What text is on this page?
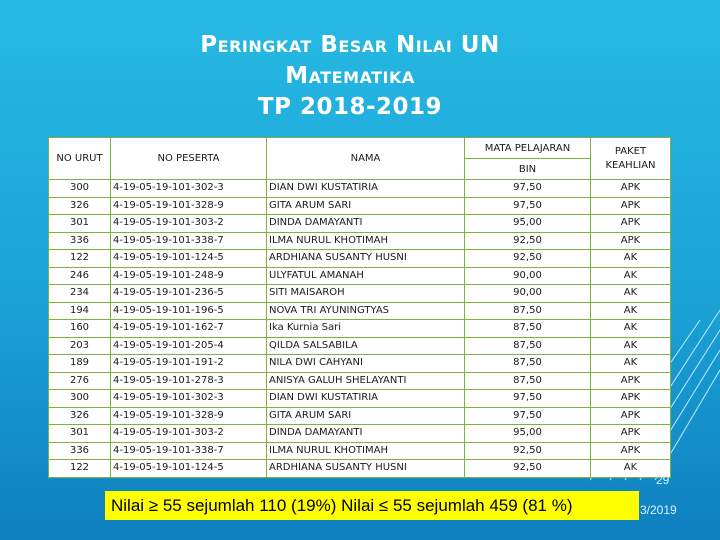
Peringkat Besar Nilai UN
Matematika
TP 2018-2019
NO URUT	NO PESERTA	NAMA	MATA PELAJARAN	PAKET KEAHLIAN
			BIN	
300	4-19-05-19-101-302-3	DIAN DWI KUSTATIRIA	97,50	APK
326	4-19-05-19-101-328-9	GITA ARUM SARI	97,50	APK
301	4-19-05-19-101-303-2	DINDA DAMAYANTI	95,00	APK
336	4-19-05-19-101-338-7	ILMA NURUL KHOTIMAH	92,50	APK
122	4-19-05-19-101-124-5	ARDHIANA SUSANTY HUSNI	92,50	AK
246	4-19-05-19-101-248-9	ULYFATUL AMANAH	90,00	AK
234	4-19-05-19-101-236-5	SITI MAISAROH	90,00	AK
194	4-19-05-19-101-196-5	NOVA TRI AYUNINGTYAS	87,50	AK
160	4-19-05-19-101-162-7	Ika Kurnia Sari	87,50	AK
203	4-19-05-19-101-205-4	QILDA SALSABILA	87,50	AK
189	4-19-05-19-101-191-2	NILA DWI CAHYANI	87,50	AK
276	4-19-05-19-101-278-3	ANISYA GALUH SHELAYANTI	87,50	APK
300	4-19-05-19-101-302-3	DIAN DWI KUSTATIRIA	97,50	APK
326	4-19-05-19-101-328-9	GITA ARUM SARI	97,50	APK
301	4-19-05-19-101-303-2	DINDA DAMAYANTI	95,00	APK
336	4-19-05-19-101-338-7	ILMA NURUL KHOTIMAH	92,50	APK
122	4-19-05-19-101-124-5	ARDHIANA SUSANTY HUSNI	92,50	AK
29
3/2019
Nilai ≥ 55 sejumlah 110 (19%) Nilai ≤ 55 sejumlah 459 (81 %)
